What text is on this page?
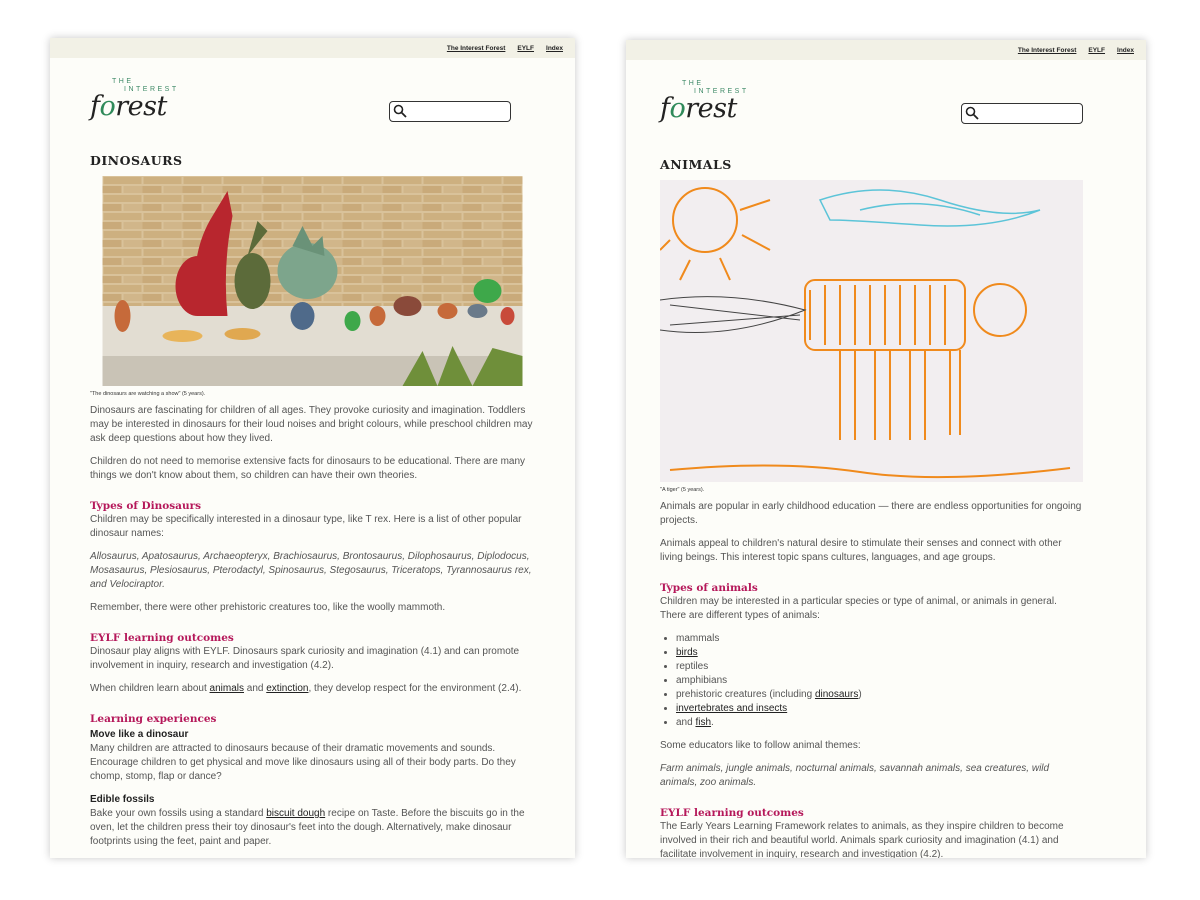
The Interest Forest EYLF Index
THE
INTEREST
forest
DINOSAURS
"The dinosaurs are watching a show" (5 years).

Dinosaurs are fascinating for children of all ages. They provoke curiosity and imagination. Toddlers may be interested in dinosaurs for their loud noises and bright colours, while preschool children may ask deep questions about how they lived.

Children do not need to memorise extensive facts for dinosaurs to be educational. There are many things we don't know about them, so children can have their own theories.

Types of Dinosaurs

Children may be specifically interested in a dinosaur type, like T rex. Here is a list of other popular dinosaur names:

Allosaurus, Apatosaurus, Archaeopteryx, Brachiosaurus, Brontosaurus, Dilophosaurus, Diplodocus, Mosasaurus, Plesiosaurus, Pterodactyl, Spinosaurus, Stegosaurus, Triceratops, Tyrannosaurus rex, and Velociraptor.

Remember, there were other prehistoric creatures too, like the woolly mammoth.

EYLF learning outcomes

Dinosaur play aligns with EYLF. Dinosaurs spark curiosity and imagination (4.1) and can promote involvement in inquiry, research and investigation (4.2).

When children learn about animals and extinction, they develop respect for the environment (2.4).

Learning experiences
Move like a dinosaur

Many children are attracted to dinosaurs because of their dramatic movements and sounds. Encourage children to get physical and move like dinosaurs using all of their body parts. Do they chomp, stomp, flap or dance?

Edible fossils

Bake your own fossils using a standard biscuit dough recipe on Taste. Before the biscuits go in the oven, let the children press their toy dinosaur's feet into the dough. Alternatively, make dinosaur footprints using the feet, paint and paper.

The Interest Forest EYLF Index
THE
INTEREST
forest
ANIMALS
"A tiger" (5 years).

Animals are popular in early childhood education — there are endless opportunities for ongoing projects.

Animals appeal to children's natural desire to stimulate their senses and connect with other living beings. This interest topic spans cultures, languages, and age groups.

Types of animals

Children may be interested in a particular species or type of animal, or animals in general. There are different types of animals:

• mammals
• birds
• reptiles
• amphibians
• prehistoric creatures (including dinosaurs)
• invertebrates and insects
• and fish.

Some educators like to follow animal themes:

Farm animals, jungle animals, nocturnal animals, savannah animals, sea creatures, wild animals, zoo animals.

EYLF learning outcomes

The Early Years Learning Framework relates to animals, as they inspire children to become involved in their rich and beautiful world. Animals spark curiosity and imagination (4.1) and facilitate involvement in inquiry, research and investigation (4.2).
